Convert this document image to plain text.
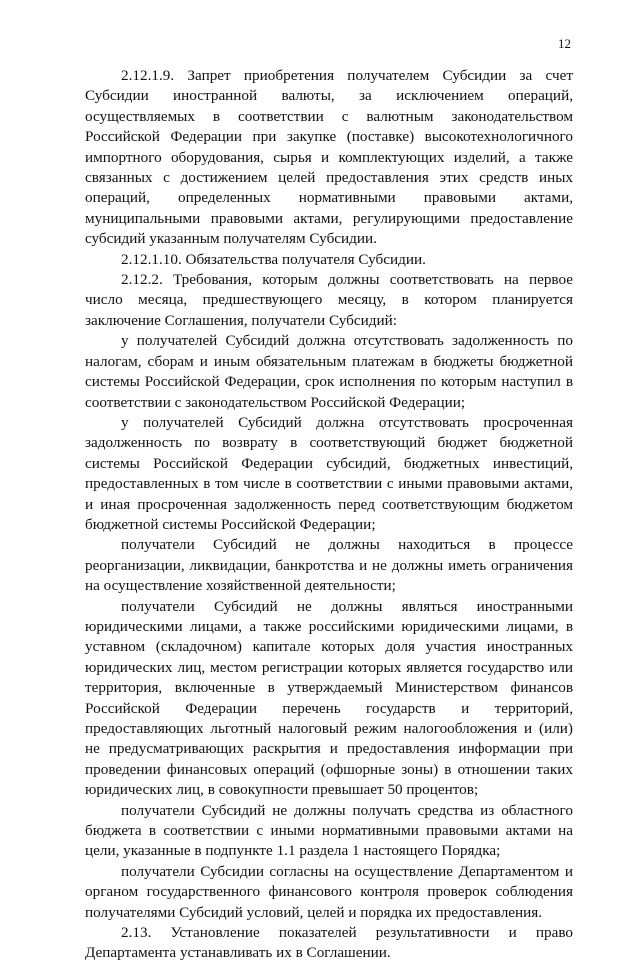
12

2.12.1.9. Запрет приобретения получателем Субсидии за счет Субсидии иностранной валюты, за исключением операций, осуществляемых в соответствии с валютным законодательством Российской Федерации при закупке (поставке) высокотехнологичного импортного оборудования, сырья и комплектующих изделий, а также связанных с достижением целей предоставления этих средств иных операций, определенных нормативными правовыми актами, муниципальными правовыми актами, регулирующими предоставление субсидий указанным получателям Субсидии.

2.12.1.10. Обязательства получателя Субсидии.

2.12.2. Требования, которым должны соответствовать на первое число месяца, предшествующего месяцу, в котором планируется заключение Соглашения, получатели Субсидий:

у получателей Субсидий должна отсутствовать задолженность по налогам, сборам и иным обязательным платежам в бюджеты бюджетной системы Российской Федерации, срок исполнения по которым наступил в соответствии с законодательством Российской Федерации;

у получателей Субсидий должна отсутствовать просроченная задолженность по возврату в соответствующий бюджет бюджетной системы Российской Федерации субсидий, бюджетных инвестиций, предоставленных в том числе в соответствии с иными правовыми актами, и иная просроченная задолженность перед соответствующим бюджетом бюджетной системы Российской Федерации;

получатели Субсидий не должны находиться в процессе реорганизации, ликвидации, банкротства и не должны иметь ограничения на осуществление хозяйственной деятельности;

получатели Субсидий не должны являться иностранными юридическими лицами, а также российскими юридическими лицами, в уставном (складочном) капитале которых доля участия иностранных юридических лиц, местом регистрации которых является государство или территория, включенные в утверждаемый Министерством финансов Российской Федерации перечень государств и территорий, предоставляющих льготный налоговый режим налогообложения и (или) не предусматривающих раскрытия и предоставления информации при проведении финансовых операций (офшорные зоны) в отношении таких юридических лиц, в совокупности превышает 50 процентов;

получатели Субсидий не должны получать средства из областного бюджета в соответствии с иными нормативными правовыми актами на цели, указанные в подпункте 1.1 раздела 1 настоящего Порядка;

получатели Субсидии согласны на осуществление Департаментом и органом государственного финансового контроля проверок соблюдения получателями Субсидий условий, целей и порядка их предоставления.

2.13. Установление показателей результативности и право Департамента устанавливать их в Соглашении.
